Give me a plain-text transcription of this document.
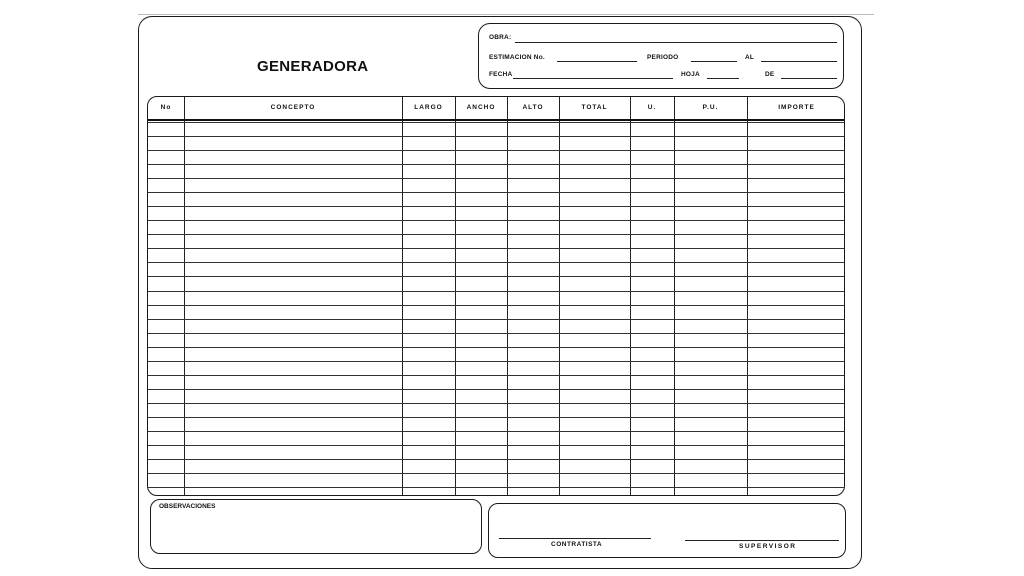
GENERADORA
OBRA:
ESTIMACION No.	PERIODO	AL
FECHA	HOJA	DE
No	CONCEPTO	LARGO	ANCHO	ALTO	TOTAL	U.	P.U.	IMPORTE
OBSERVACIONES
CONTRATISTA	SUPERVISOR
